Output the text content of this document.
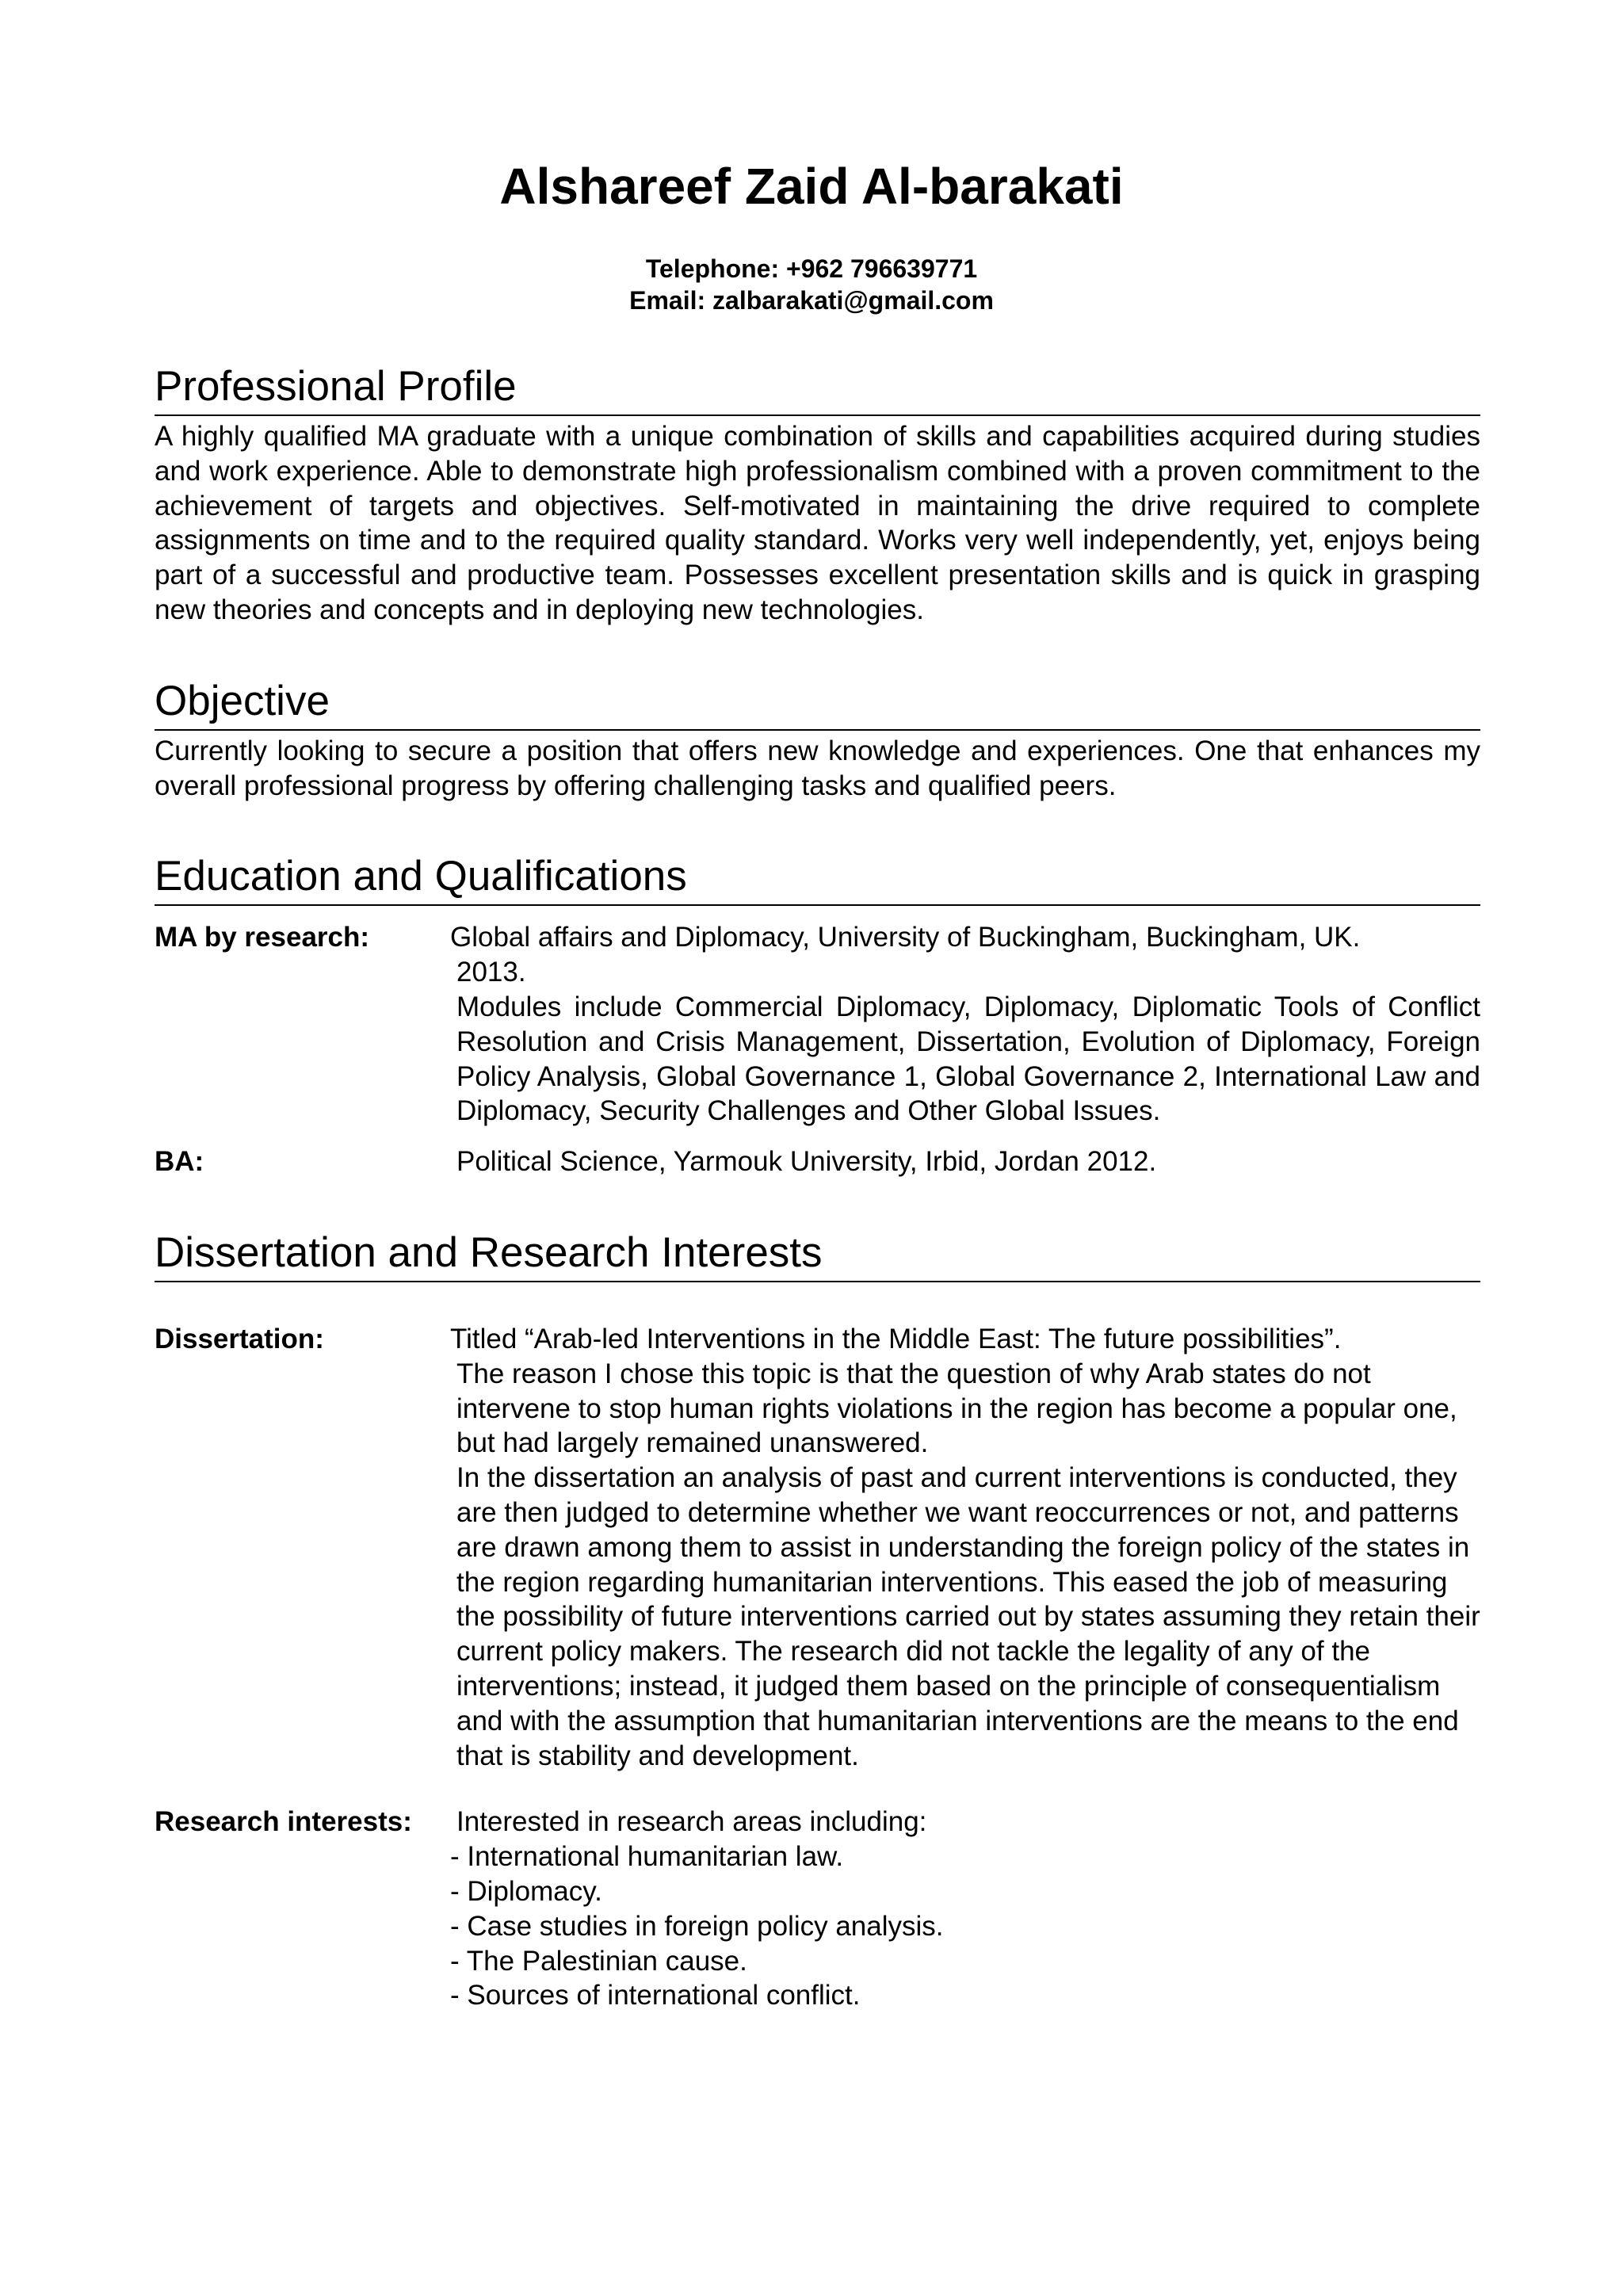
Alshareef Zaid Al-barakati
Telephone: +962 796639771
Email: zalbarakati@gmail.com
Professional Profile

A highly qualified MA graduate with a unique combination of skills and capabilities acquired during studies and work experience. Able to demonstrate high professionalism combined with a proven commitment to the achievement of targets and objectives. Self-motivated in maintaining the drive required to complete assignments on time and to the required quality standard. Works very well independently, yet, enjoys being part of a successful and productive team. Possesses excellent presentation skills and is quick in grasping new theories and concepts and in deploying new technologies.

Objective

Currently looking to secure a position that offers new knowledge and experiences. One that enhances my overall professional progress by offering challenging tasks and qualified peers.

Education and Qualifications
MA by research:	Global affairs and Diplomacy, University of Buckingham, Buckingham, UK.

2013.

Modules include Commercial Diplomacy, Diplomacy, Diplomatic Tools of Conflict Resolution and Crisis Management, Dissertation, Evolution of Diplomacy, Foreign Policy Analysis, Global Governance 1, Global Governance 2, International Law and Diplomacy, Security Challenges and Other Global Issues.

BA:	Political Science, Yarmouk University, Irbid, Jordan 2012.
Dissertation and Research Interests
Dissertation:	Titled “Arab-led Interventions in the Middle East: The future possibilities”.

The reason I chose this topic is that the question of why Arab states do not intervene to stop human rights violations in the region has become a popular one, but had largely remained unanswered.

In the dissertation an analysis of past and current interventions is conducted, they are then judged to determine whether we want reoccurrences or not, and patterns are drawn among them to assist in understanding the foreign policy of the states in the region regarding humanitarian interventions. This eased the job of measuring the possibility of future interventions carried out by states assuming they retain their current policy makers. The research did not tackle the legality of any of the interventions; instead, it judged them based on the principle of consequentialism and with the assumption that humanitarian interventions are the means to the end that is stability and development.

Research interests:	Interested in research areas including:

- International humanitarian law.

- Diplomacy.

- Case studies in foreign policy analysis.

- The Palestinian cause.

- Sources of international conflict.
